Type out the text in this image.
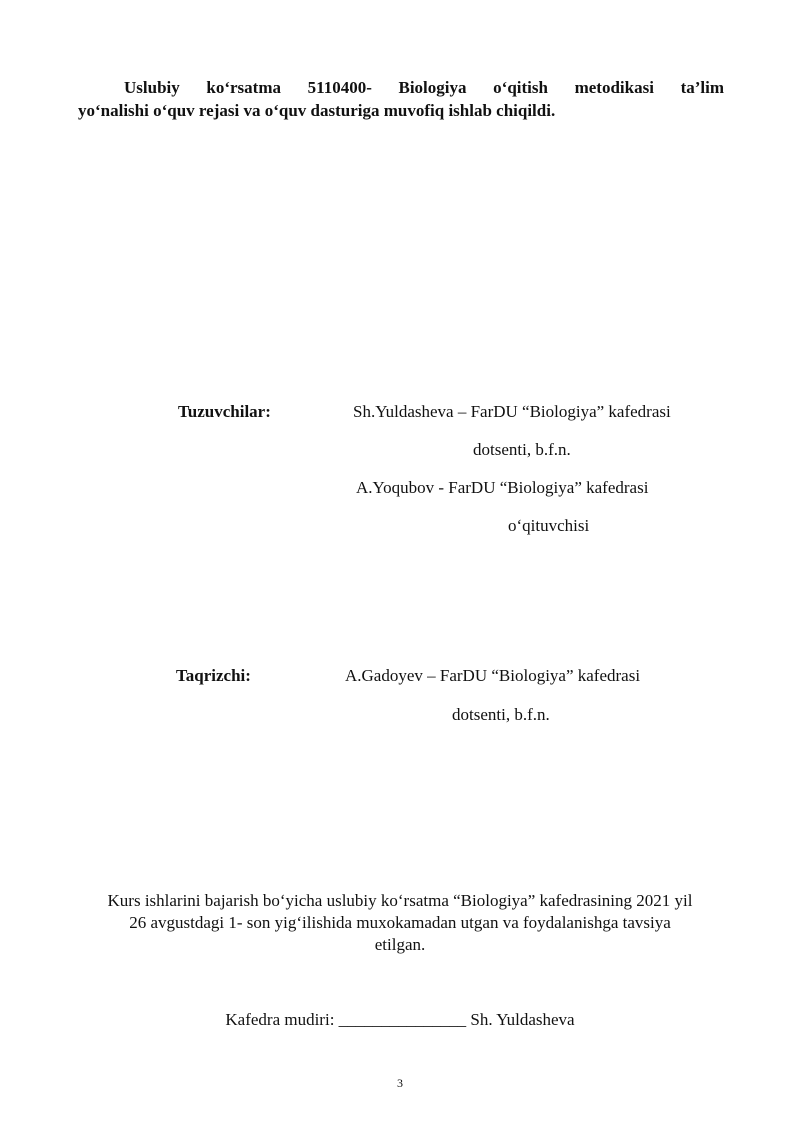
Uslubiy ko‘rsatma 5110400- Biologiya o‘qitish metodikasi ta’lim
yo‘nalishi o‘quv rejasi va o‘quv dasturiga muvofiq ishlab chiqildi.
Tuzuvchilar:	Sh.Yuldasheva – FarDU “Biologiya” kafedrasi
dotsenti, b.f.n.
A.Yoqubov - FarDU “Biologiya” kafedrasi
o‘qituvchisi
Taqrizchi:	A.Gadoyev – FarDU “Biologiya” kafedrasi
dotsenti, b.f.n.
Kurs ishlarini bajarish bo‘yicha uslubiy ko‘rsatma “Biologiya” kafedrasining 2021 yil
26 avgustdagi 1- son yig‘ilishida muxokamadan utgan va foydalanishga tavsiya
etilgan.
Kafedra mudiri: _______________ Sh. Yuldasheva
3
